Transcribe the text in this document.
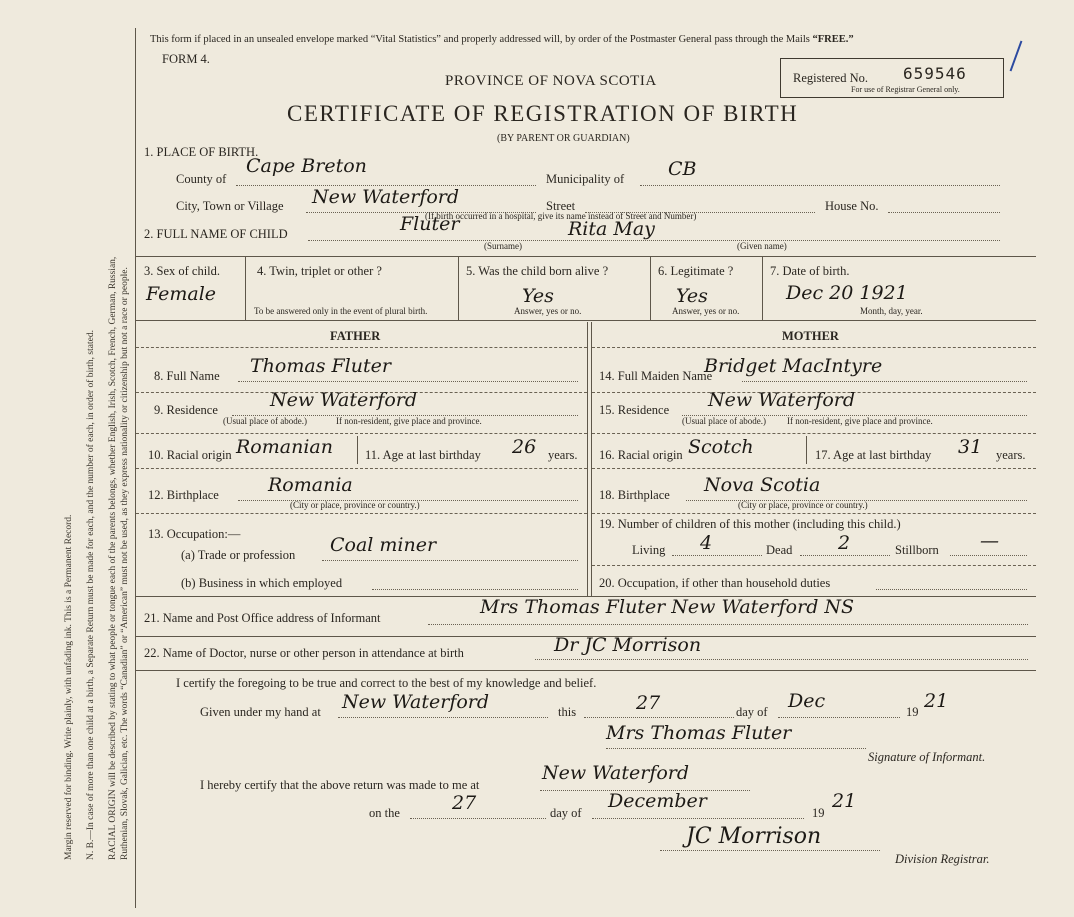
Margin reserved for binding. Write plainly, with unfading ink. This is a Permanent Record. N. B.—In case of more than one child at a birth, a Separate Return must be made for each, and the number of each, in order of birth, stated. RACIAL ORIGIN will be described by stating to what people or tongue each of the parents belongs, whether English, Irish, Scotch, French, German, Russian, Ruthenian, Slovak, Galician, etc. The words “Canadian” or “American” must not be used, as they express nationality or citizenship but not a race or people.
This form if placed in an unsealed envelope marked “Vital Statistics” and properly addressed will, by order of the Postmaster General pass through the Mails “FREE.”
FORM 4.
PROVINCE OF NOVA SCOTIA
CERTIFICATE OF REGISTRATION OF BIRTH
(BY PARENT OR GUARDIAN)
Registered No. 659546
For use of Registrar General only.
1. PLACE OF BIRTH.
County of
Cape Breton
Municipality of CB
City, Town or Village New Waterford	Street	House No.
(If birth occurred in a hospital, give its name instead of Street and Number)
2. FULL NAME OF CHILD	Fluter	Rita May
(Surname)	(Given name)
3. Sex of child.
Female
4. Twin, triplet or other ?
To be answered only in the event of plural birth.
5. Was the child born alive ?
Yes
Answer, yes or no.
6. Legitimate ?
Yes
Answer, yes or no.
7. Date of birth.
Dec 20 1921
Month, day, year.
FATHER	MOTHER
8. Full Name Thomas Fluter
9. Residence	New Waterford
(Usual place of abode.)	If non-resident, give place and province.
10. Racial origin Romanian	11. Age at last birthday 26 years.
12. Birthplace	Romania
(City or place, province or country.)
13. Occupation:—
(a) Trade or profession Coal miner
(b) Business in which employed
14. Full Maiden Name
Bridget MacIntyre
15. Residence New Waterford
(Usual place of abode.) If non-resident, give place and province.
16. Racial origin Scotch	17. Age at last birthday 31 years.
18. Birthplace Nova Scotia
(City or place, province or country.)
19. Number of children of this mother (including this child.)
Living 4	Dead 2	Stillborn —
20. Occupation, if other than household duties
21. Name and Post Office address of Informant	Mrs Thomas Fluter New Waterford NS
22. Name of Doctor, nurse or other person in attendance at birth	Dr JC Morrison
I certify the foregoing to be true and correct to the best of my knowledge and belief.
Given under my hand at New Waterford	this	27	day of Dec	19 21
Mrs Thomas Fluter
Signature of Informant.
I hereby certify that the above return was made to me at
New Waterford
on the	27	day of
December
19
21
JC Morrison
Division Registrar.
